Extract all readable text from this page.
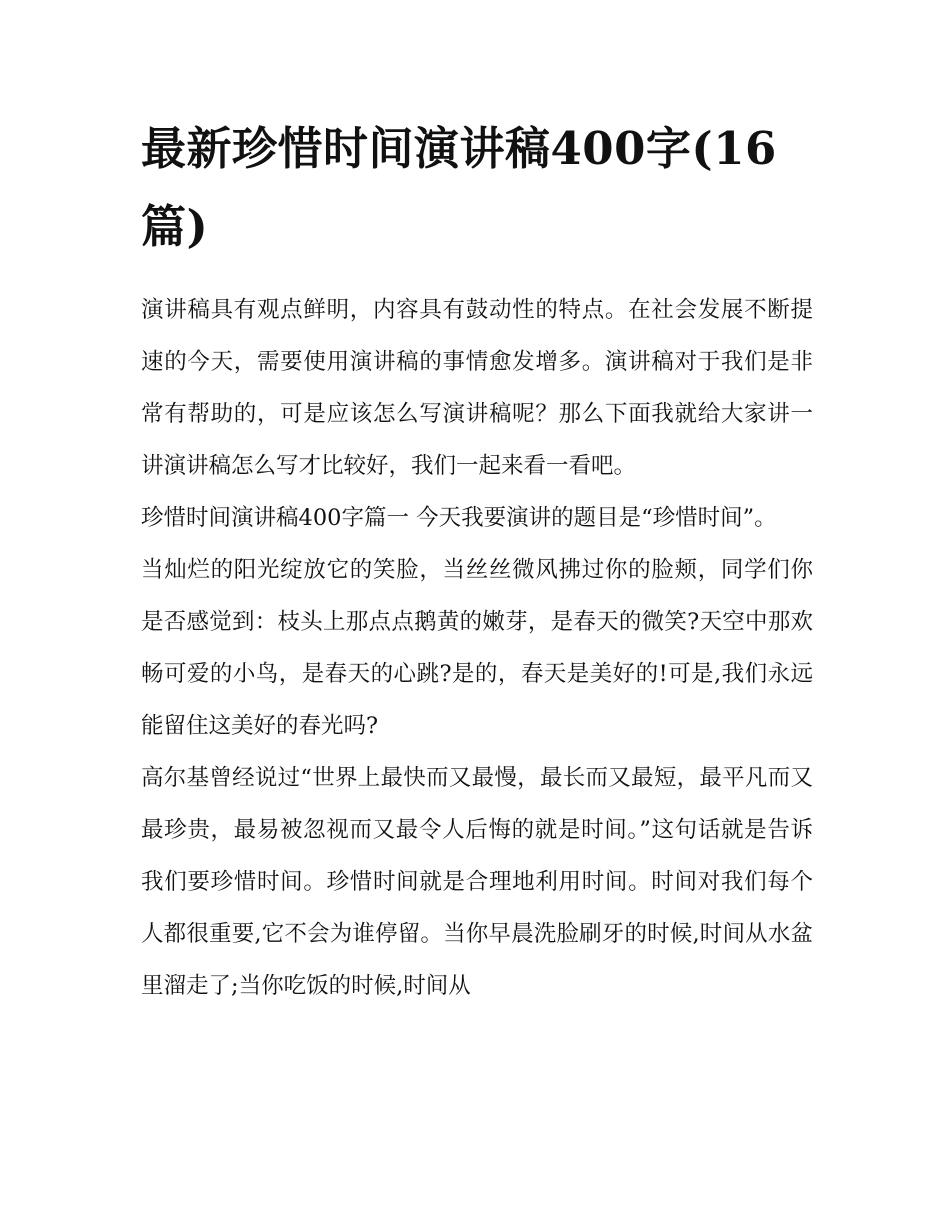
最新珍惜时间演讲稿400字(16篇)

演讲稿具有观点鲜明，内容具有鼓动性的特点。在社会发展不断提速的今天，需要使用演讲稿的事情愈发增多。演讲稿对于我们是非常有帮助的，可是应该怎么写演讲稿呢？那么下面我就给大家讲一讲演讲稿怎么写才比较好，我们一起来看一看吧。

珍惜时间演讲稿400字篇一 今天我要演讲的题目是“珍惜时间”。

当灿烂的阳光绽放它的笑脸，当丝丝微风拂过你的脸颊，同学们你是否感觉到：枝头上那点点鹅黄的嫩芽，是春天的微笑?天空中那欢畅可爱的小鸟，是春天的心跳?是的，春天是美好的!可是,我们永远能留住这美好的春光吗?

高尔基曾经说过“世界上最快而又最慢，最长而又最短，最平凡而又最珍贵，最易被忽视而又最令人后悔的就是时间。”这句话就是告诉我们要珍惜时间。珍惜时间就是合理地利用时间。时间对我们每个人都很重要,它不会为谁停留。当你早晨洗脸刷牙的时候,时间从水盆里溜走了;当你吃饭的时候,时间从
